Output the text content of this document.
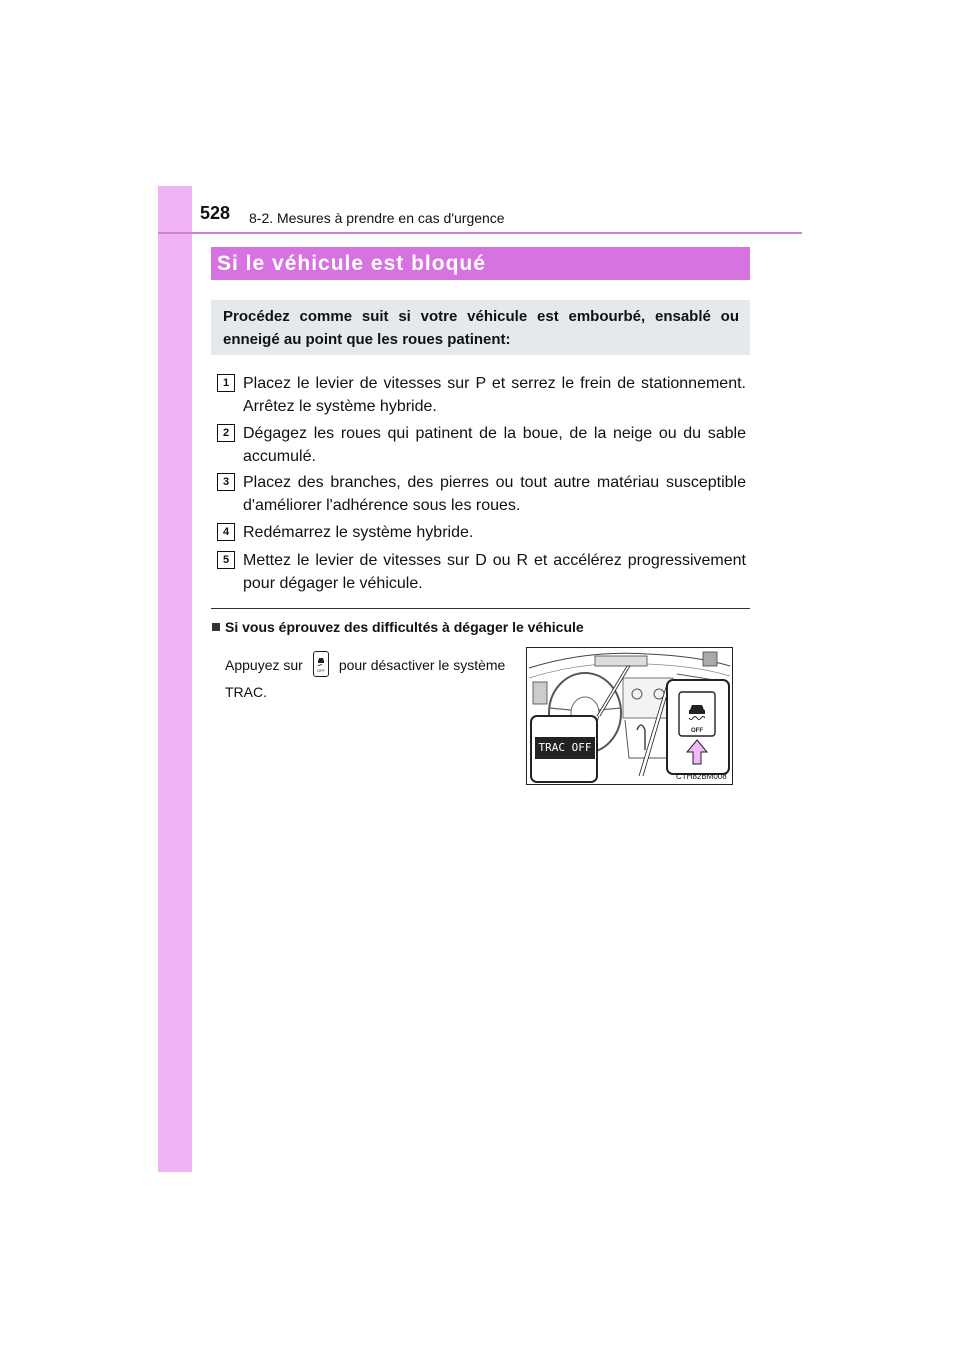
528 8-2. Mesures à prendre en cas d'urgence
Si le véhicule est bloqué
Procédez comme suit si votre véhicule est embourbé, ensablé ou enneigé au point que les roues patinent:
1 Placez le levier de vitesses sur P et serrez le frein de stationnement. Arrêtez le système hybride.
2 Dégagez les roues qui patinent de la boue, de la neige ou du sable accumulé.
3 Placez des branches, des pierres ou tout autre matériau susceptible d'améliorer l'adhérence sous les roues.
4 Redémarrez le système hybride.
5 Mettez le levier de vitesses sur D ou R et accélérez progressivement pour dégager le véhicule.
Si vous éprouvez des difficultés à dégager le véhicule
Appuyez sur	OFF pour désactiver le système TRAC.
OFF
TRAC OFF
CTH82BM008
